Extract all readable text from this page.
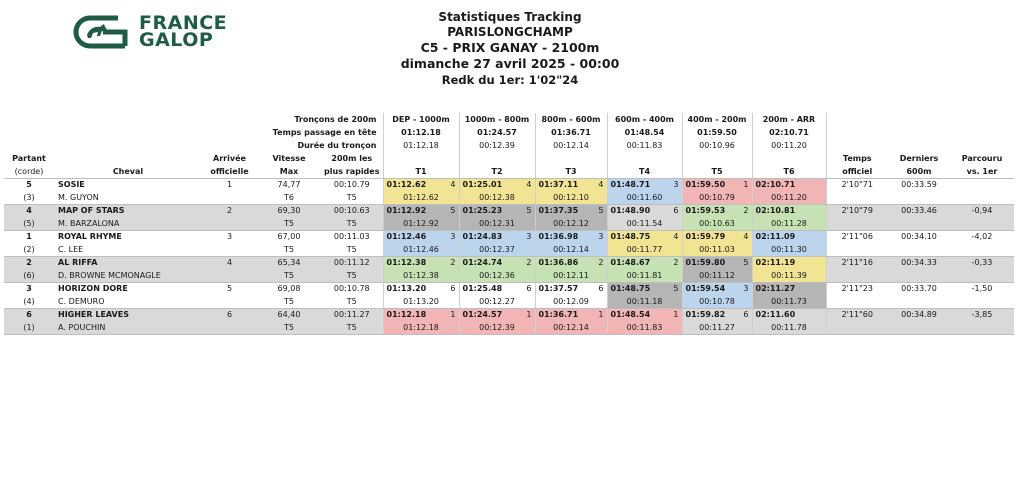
FRANCE
GALOP
Statistiques Tracking
PARISLONGCHAMP
C5 - PRIX GANAY - 2100m
dimanche 27 avril 2025 - 00:00
Redk du 1er: 1'02"24
Tronçons de 200m					DEP - 1000m	1000m - 800m	800m - 600m	600m - 400m	400m - 200m	200m - ARR			
Temps passage en tête					01:12.18	01:24.57	01:36.71	01:48.54	01:59.50	02:10.71			
Durée du tronçon					01:12.18	00:12.39	00:12.14	00:11.83	00:10.96	00:11.20			
Partant		Arrivée	Vitesse	200m les							Temps	Derniers	Parcouru
(corde)	Cheval	officielle	Max	plus rapides	T1	T2	T3	T4	T5	T6	officiel	600m	vs. 1er
5	SOSIE	1	74,77	00:10.79	01:12.62 4	01:25.01 4	01:37.11 4	01:48.71 3	01:59.50 1	02:10.71	2'10"71	00:33.59	
(3)	M. GUYON		T6	T5	01:12.62	00:12.38	00:12.10	00:11.60	00:10.79	00:11.20			
4	MAP OF STARS	2	69,30	00:10.63	01:12.92 5	01:25.23 5	01:37.35 5	01:48.90 6	01:59.53 2	02:10.81	2'10"79	00:33.46	-0,94
(5)	M. BARZALONA		T5	T5	01:12.92	00:12.31	00:12.12	00:11.54	00:10.63	00:11.28			
1	ROYAL RHYME	3	67,00	00:11.03	01:12.46 3	01:24.83 3	01:36.98 3	01:48.75 4	01:59.79 4	02:11.09	2'11"06	00:34.10	-4,02
(2)	C. LEE		T5	T5	01:12.46	00:12.37	00:12.14	00:11.77	00:11.03	00:11.30			
2	AL RIFFA	4	65,34	00:11.12	01:12.38 2	01:24.74 2	01:36.86 2	01:48.67 2	01:59.80 5	02:11.19	2'11"16	00:34.33	-0,33
(6)	D. BROWNE MCMONAGLE		T5	T5	01:12.38	00:12.36	00:12.11	00:11.81	00:11.12	00:11.39			
3	HORIZON DORE	5	69,08	00:10.78	01:13.20 6	01:25.48 6	01:37.57 6	01:48.75 5	01:59.54 3	02:11.27	2'11"23	00:33.70	-1,50
(4)	C. DEMURO		T5	T5	01:13.20	00:12.27	00:12.09	00:11.18	00:10.78	00:11.73			
6	HIGHER LEAVES	6	64,40	00:11.27	01:12.18 1	01:24.57 1	01:36.71 1	01:48.54 1	01:59.82 6	02:11.60	2'11"60	00:34.89	-3,85
(1)	A. POUCHIN		T5	T5	01:12.18	00:12.39	00:12.14	00:11.83	00:11.27	00:11.78			
